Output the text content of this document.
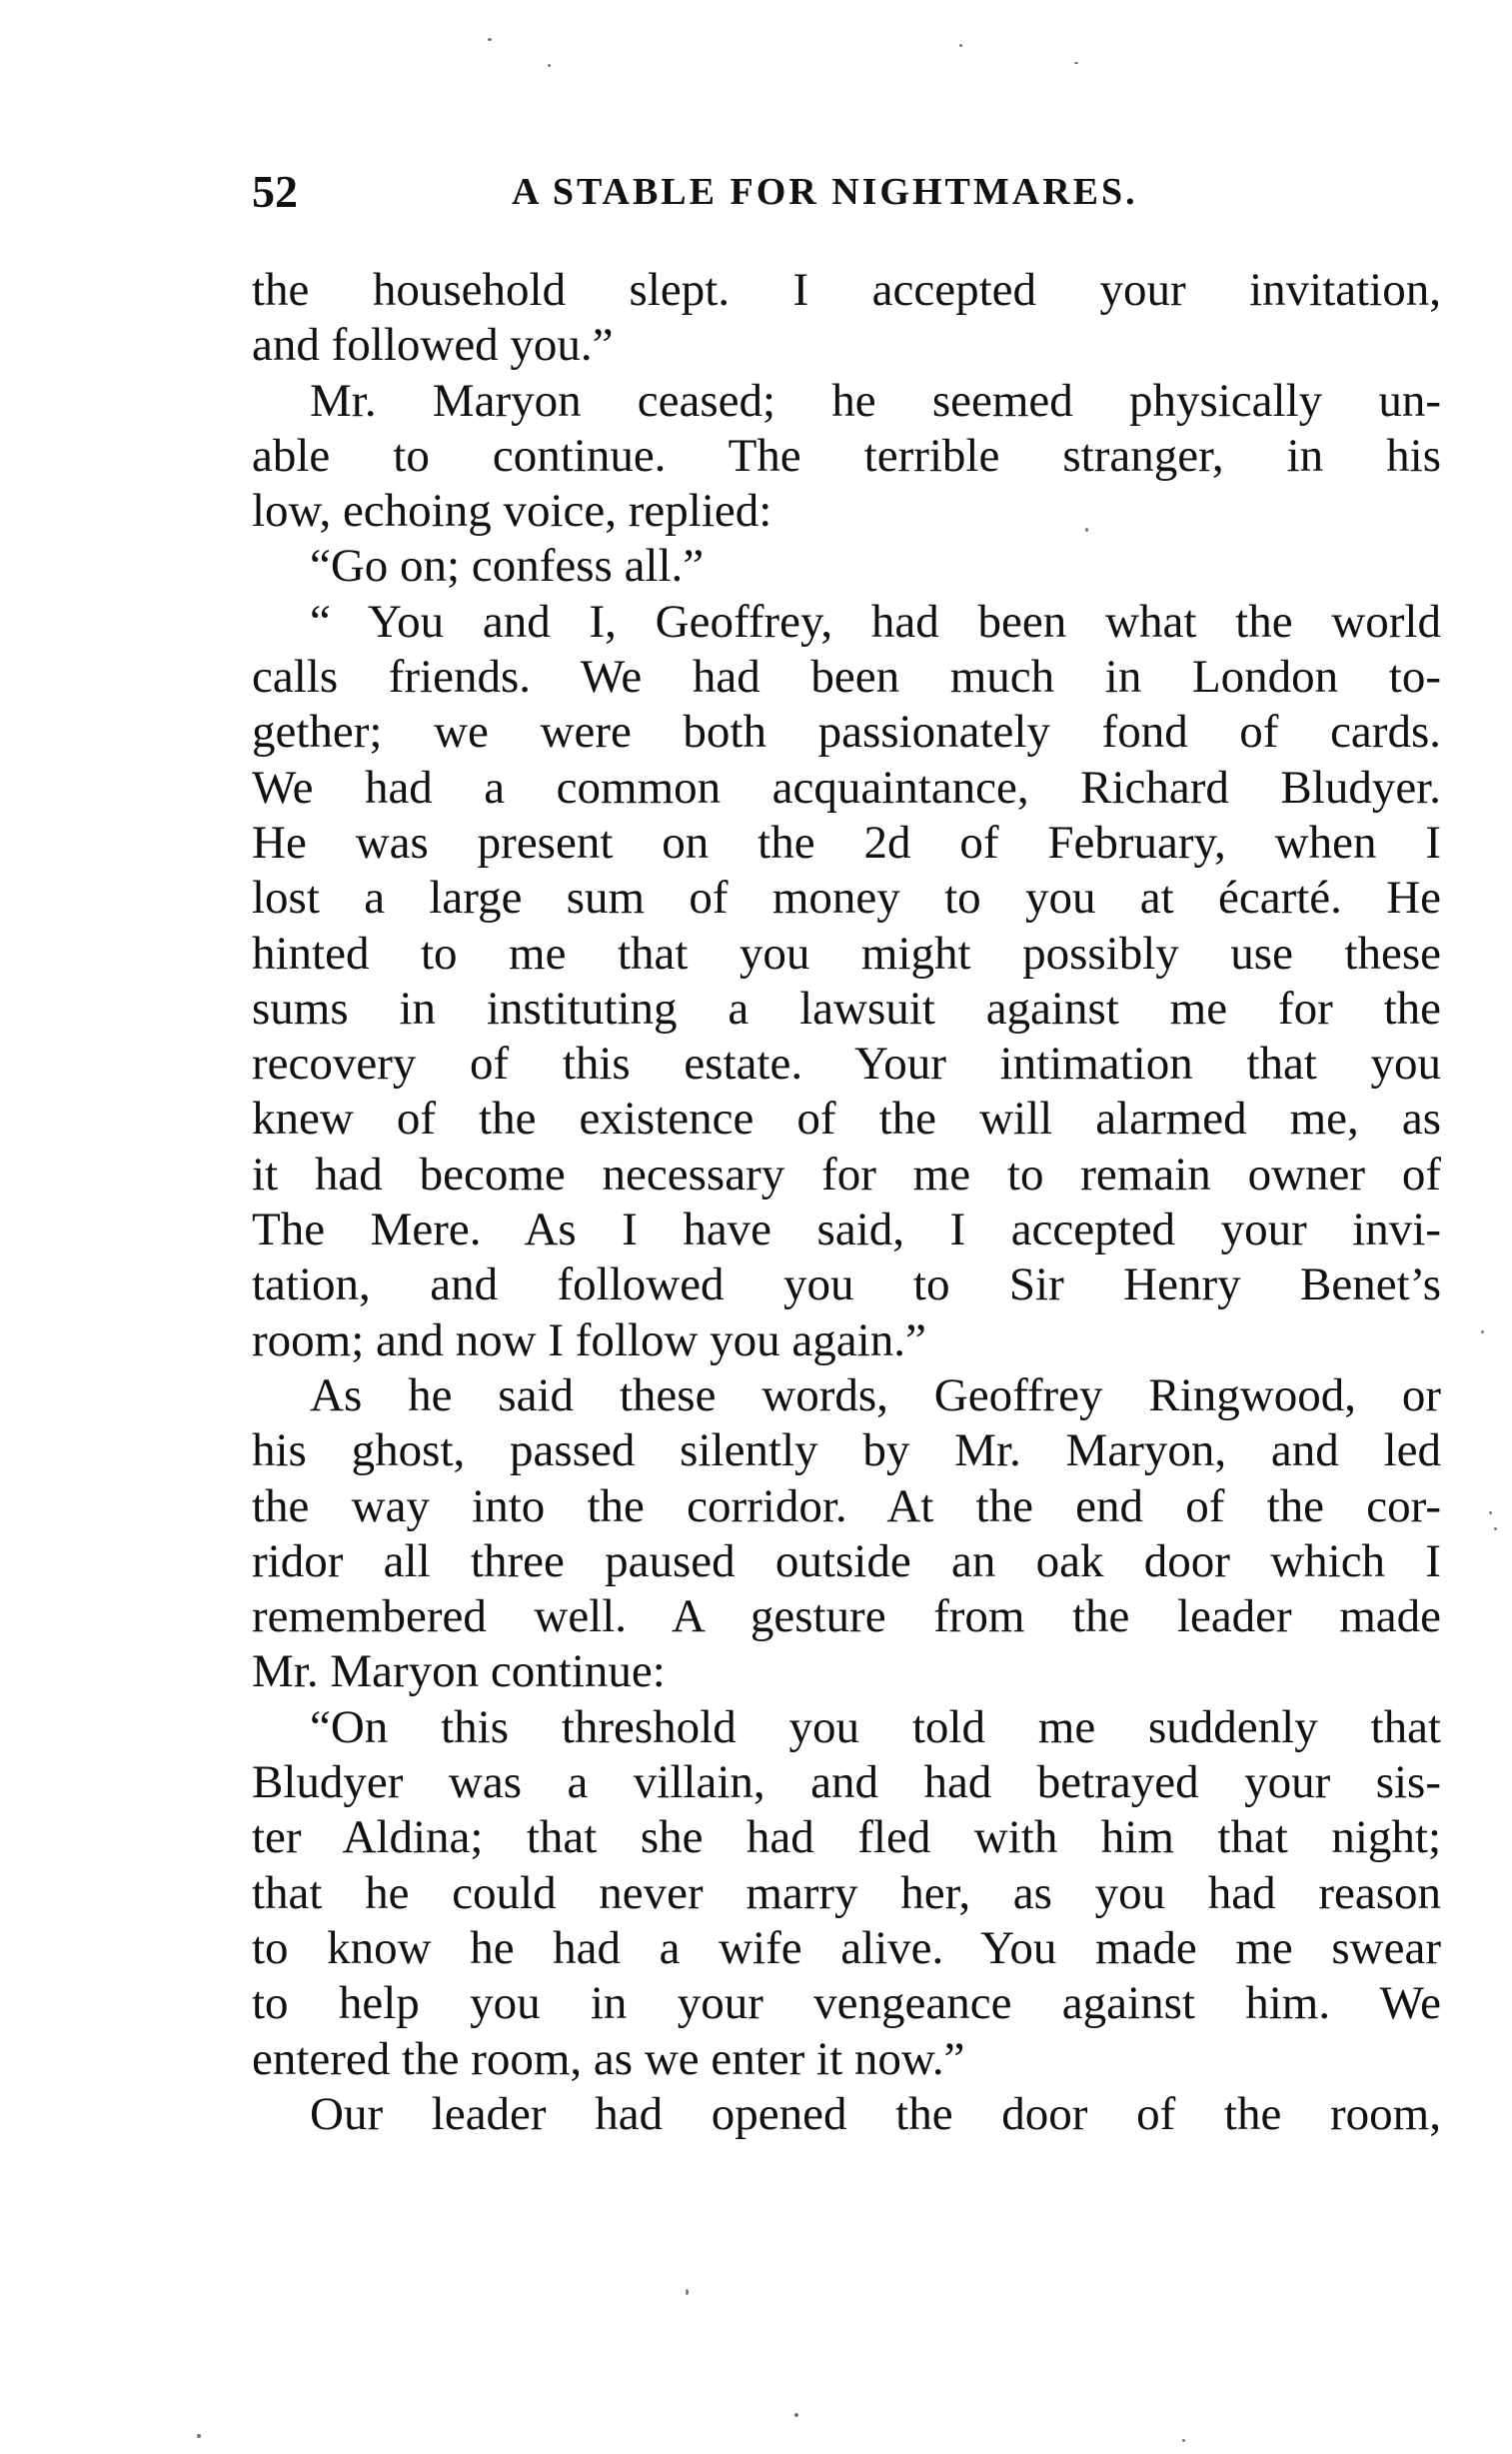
52	A STABLE FOR NIGHTMARES.
the household slept. I accepted your invitation,
and followed you.”
Mr. Maryon ceased; he seemed physically un-
able to continue. The terrible stranger, in his
low, echoing voice, replied:
“Go on; confess all.”
“ You and I, Geoffrey, had been what the world
calls friends. We had been much in London to-
gether; we were both passionately fond of cards.
We had a common acquaintance, Richard Bludyer.
He was present on the 2d of February, when I
lost a large sum of money to you at écarté. He
hinted to me that you might possibly use these
sums in instituting a lawsuit against me for the
recovery of this estate. Your intimation that you
knew of the existence of the will alarmed me, as
it had become necessary for me to remain owner of
The Mere. As I have said, I accepted your invi-
tation, and followed you to Sir Henry Benet’s
room; and now I follow you again.”
As he said these words, Geoffrey Ringwood, or
his ghost, passed silently by Mr. Maryon, and led
the way into the corridor. At the end of the cor-
ridor all three paused outside an oak door which I
remembered well. A gesture from the leader made
Mr. Maryon continue:
“On this threshold you told me suddenly that
Bludyer was a villain, and had betrayed your sis-
ter Aldina; that she had fled with him that night;
that he could never marry her, as you had reason
to know he had a wife alive. You made me swear
to help you in your vengeance against him. We
entered the room, as we enter it now.”
Our leader had opened the door of the room,
